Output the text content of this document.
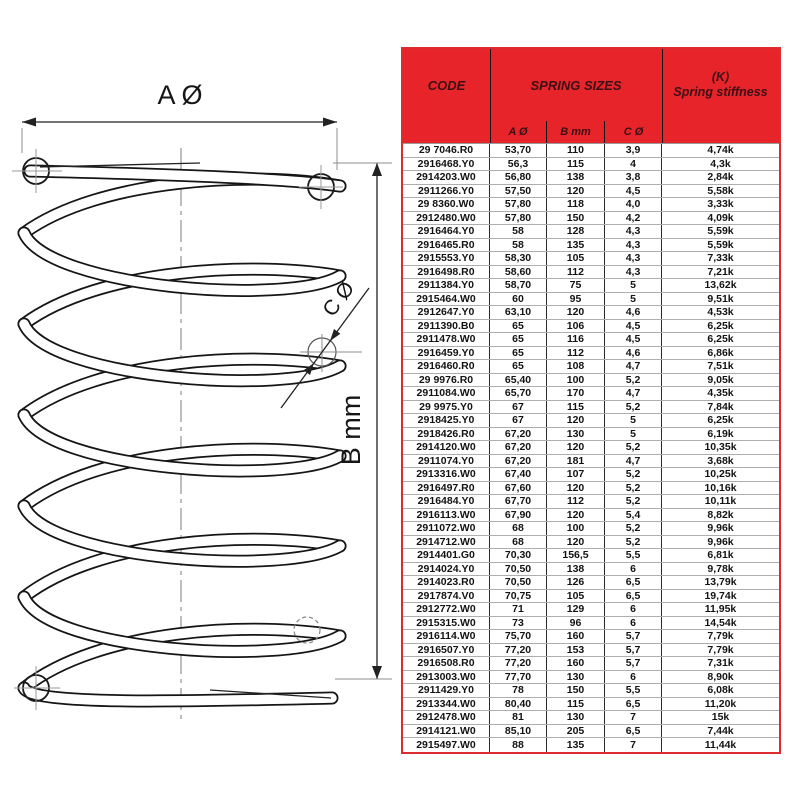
A Ø
B mm
C Ø
CODE	SPRING SIZES
(K)
Spring stiffness
A Ø	B mm	C Ø
29 7046.R0	53,70	110	3,9	4,74k
2916468.Y0	56,3	115	4	4,3k
2914203.W0	56,80	138	3,8	2,84k
2911266.Y0	57,50	120	4,5	5,58k
29 8360.W0	57,80	118	4,0	3,33k
2912480.W0	57,80	150	4,2	4,09k
2916464.Y0	58	128	4,3	5,59k
2916465.R0	58	135	4,3	5,59k
2915553.Y0	58,30	105	4,3	7,33k
2916498.R0	58,60	112	4,3	7,21k
2911384.Y0	58,70	75	5	13,62k
2915464.W0	60	95	5	9,51k
2912647.Y0	63,10	120	4,6	4,53k
2911390.B0	65	106	4,5	6,25k
2911478.W0	65	116	4,5	6,25k
2916459.Y0	65	112	4,6	6,86k
2916460.R0	65	108	4,7	7,51k
29 9976.R0	65,40	100	5,2	9,05k
2911084.W0	65,70	170	4,7	4,35k
29 9975.Y0	67	115	5,2	7,84k
2918425.Y0	67	120	5	6,25k
2918426.R0	67,20	130	5	6,19k
2914120.W0	67,20	120	5,2	10,35k
2911074.Y0	67,20	181	4,7	3,68k
2913316.W0	67,40	107	5,2	10,25k
2916497.R0	67,60	120	5,2	10,16k
2916484.Y0	67,70	112	5,2	10,11k
2916113.W0	67,90	120	5,4	8,82k
2911072.W0	68	100	5,2	9,96k
2914712.W0	68	120	5,2	9,96k
2914401.G0	70,30	156,5	5,5	6,81k
2914024.Y0	70,50	138	6	9,78k
2914023.R0	70,50	126	6,5	13,79k
2917874.V0	70,75	105	6,5	19,74k
2912772.W0	71	129	6	11,95k
2915315.W0	73	96	6	14,54k
2916114.W0	75,70	160	5,7	7,79k
2916507.Y0	77,20	153	5,7	7,79k
2916508.R0	77,20	160	5,7	7,31k
2913003.W0	77,70	130	6	8,90k
2911429.Y0	78	150	5,5	6,08k
2913344.W0	80,40	115	6,5	11,20k
2912478.W0	81	130	7	15k
2914121.W0	85,10	205	6,5	7,44k
2915497.W0	88	135	7	11,44k
